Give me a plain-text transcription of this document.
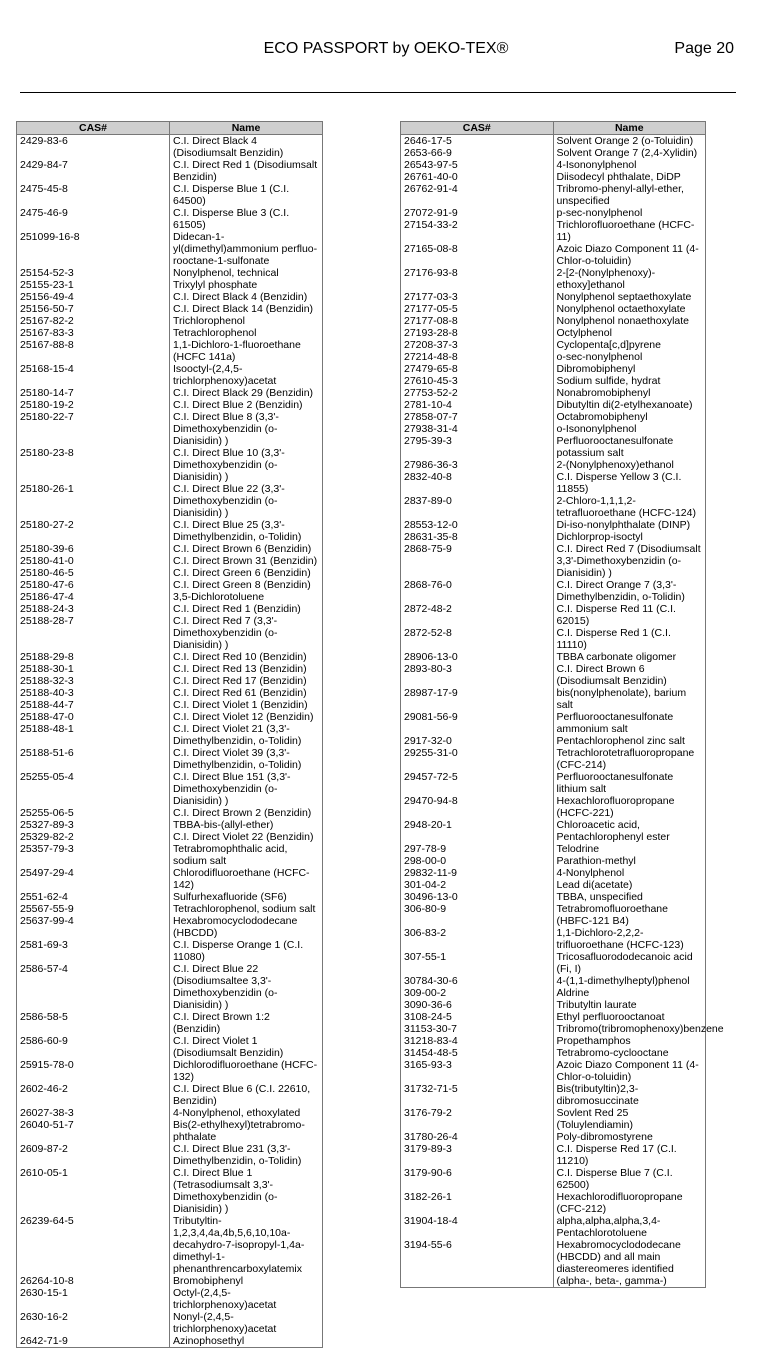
ECO PASSPORT by OEKO-TEX®	Page 20
CAS#	Name
2429-83-6	C.I. Direct Black 4 (Disodiumsalt Benzidin)
2429-84-7	C.I. Direct Red 1 (Disodiumsalt Benzidin)
2475-45-8	C.I. Disperse Blue 1 (C.I. 64500)
2475-46-9	C.I. Disperse Blue 3 (C.I. 61505)
251099-16-8	Didecan-1-yl(dimethyl)ammonium perfluo-rooctane-1-sulfonate
25154-52-3	Nonylphenol, technical
25155-23-1	Trixylyl phosphate
25156-49-4	C.I. Direct Black 4 (Benzidin)
25156-50-7	C.I. Direct Black 14 (Benzidin)
25167-82-2	Trichlorophenol
25167-83-3	Tetrachlorophenol
25167-88-8	1,1-Dichloro-1-fluoroethane (HCFC 141a)
25168-15-4	Isooctyl-(2,4,5-trichlorphenoxy)acetat
25180-14-7	C.I. Direct Black 29 (Benzidin)
25180-19-2	C.I. Direct Blue 2 (Benzidin)
25180-22-7	C.I. Direct Blue 8 (3,3'-Dimethoxybenzidin (o-Dianisidin) )
25180-23-8	C.I. Direct Blue 10 (3,3'-Dimethoxybenzidin (o-Dianisidin) )
25180-26-1	C.I. Direct Blue 22 (3,3'-Dimethoxybenzidin (o-Dianisidin) )
25180-27-2	C.I. Direct Blue 25 (3,3'-Dimethylbenzidin, o-Tolidin)
25180-39-6	C.I. Direct Brown 6 (Benzidin)
25180-41-0	C.I. Direct Brown 31 (Benzidin)
25180-46-5	C.I. Direct Green 6 (Benzidin)
25180-47-6	C.I. Direct Green 8 (Benzidin)
25186-47-4	3,5-Dichlorotoluene
25188-24-3	C.I. Direct Red 1 (Benzidin)
25188-28-7	C.I. Direct Red 7 (3,3'-Dimethoxybenzidin (o-Dianisidin) )
25188-29-8	C.I. Direct Red 10 (Benzidin)
25188-30-1	C.I. Direct Red 13 (Benzidin)
25188-32-3	C.I. Direct Red 17 (Benzidin)
25188-40-3	C.I. Direct Red 61 (Benzidin)
25188-44-7	C.I. Direct Violet 1 (Benzidin)
25188-47-0	C.I. Direct Violet 12 (Benzidin)
25188-48-1	C.I. Direct Violet 21 (3,3'-Dimethylbenzidin, o-Tolidin)
25188-51-6	C.I. Direct Violet 39 (3,3'-Dimethylbenzidin, o-Tolidin)
25255-05-4	C.I. Direct Blue 151 (3,3'-Dimethoxybenzidin (o-Dianisidin) )
25255-06-5	C.I. Direct Brown 2 (Benzidin)
25327-89-3	TBBA-bis-(allyl-ether)
25329-82-2	C.I. Direct Violet 22 (Benzidin)
25357-79-3	Tetrabromophthalic acid, sodium salt
25497-29-4	Chlorodifluoroethane (HCFC-142)
2551-62-4	Sulfurhexafluoride (SF6)
25567-55-9	Tetrachlorophenol, sodium salt
25637-99-4	Hexabromocyclododecane (HBCDD)
2581-69-3	C.I. Disperse Orange 1 (C.I. 11080)
2586-57-4	C.I. Direct Blue 22 (Disodiumsaltee 3,3'-Dimethoxybenzidin (o-Dianisidin) )
2586-58-5	C.I. Direct Brown 1:2 (Benzidin)
2586-60-9	C.I. Direct Violet 1 (Disodiumsalt Benzidin)
25915-78-0	Dichlorodifluoroethane (HCFC-132)
2602-46-2	C.I. Direct Blue 6 (C.I. 22610, Benzidin)
26027-38-3	4-Nonylphenol, ethoxylated
26040-51-7	Bis(2-ethylhexyl)tetrabromo-phthalate
2609-87-2	C.I. Direct Blue 231 (3,3'-Dimethylbenzidin, o-Tolidin)
2610-05-1	C.I. Direct Blue 1 (Tetrasodiumsalt 3,3'-Dimethoxybenzidin (o-Dianisidin) )
26239-64-5	Tributyltin-1,2,3,4,4a,4b,5,6,10,10a-decahydro-7-isopropyl-1,4a-dimethyl-1-phenanthrencarboxylatemix
26264-10-8	Bromobiphenyl
2630-15-1	Octyl-(2,4,5-trichlorphenoxy)acetat
2630-16-2	Nonyl-(2,4,5-trichlorphenoxy)acetat
2642-71-9	Azinophosethyl
CAS#	Name
2646-17-5	Solvent Orange 2 (o-Toluidin)
2653-66-9	Solvent Orange 7 (2,4-Xylidin)
26543-97-5	4-Isononylphenol
26761-40-0	Diisodecyl phthalate, DiDP
26762-91-4	Tribromo-phenyl-allyl-ether, unspecified
27072-91-9	p-sec-nonylphenol
27154-33-2	Trichlorofluoroethane (HCFC-11)
27165-08-8	Azoic Diazo Component 11 (4-Chlor-o-toluidin)
27176-93-8	2-[2-(Nonylphenoxy)-ethoxy]ethanol
27177-03-3	Nonylphenol septaethoxylate
27177-05-5	Nonylphenol octaethoxylate
27177-08-8	Nonylphenol nonaethoxylate
27193-28-8	Octylphenol
27208-37-3	Cyclopenta[c,d]pyrene
27214-48-8	o-sec-nonylphenol
27479-65-8	Dibromobiphenyl
27610-45-3	Sodium sulfide, hydrat
27753-52-2	Nonabromobiphenyl
2781-10-4	Dibutyltin di(2-etylhexanoate)
27858-07-7	Octabromobiphenyl
27938-31-4	o-Isononylphenol
2795-39-3	Perfluorooctanesulfonate potassium salt
27986-36-3	2-(Nonylphenoxy)ethanol
2832-40-8	C.I. Disperse Yellow 3 (C.I. 11855)
2837-89-0	2-Chloro-1,1,1,2-tetrafluoroethane (HCFC-124)
28553-12-0	Di-iso-nonylphthalate (DINP)
28631-35-8	Dichlorprop-isoctyl
2868-75-9	C.I. Direct Red 7 (Disodiumsalt 3,3'-Dimethoxybenzidin (o-Dianisidin) )
2868-76-0	C.I. Direct Orange 7 (3,3'-Dimethylbenzidin, o-Tolidin)
2872-48-2	C.I. Disperse Red 11 (C.I. 62015)
2872-52-8	C.I. Disperse Red 1 (C.I. 11110)
28906-13-0	TBBA carbonate oligomer
2893-80-3	C.I. Direct Brown 6 (Disodiumsalt Benzidin)
28987-17-9	bis(nonylphenolate), barium salt
29081-56-9	Perfluorooctanesulfonate ammonium salt
2917-32-0	Pentachlorophenol zinc salt
29255-31-0	Tetrachlorotetrafluoropropane (CFC-214)
29457-72-5	Perfluorooctanesulfonate lithium salt
29470-94-8	Hexachlorofluoropropane (HCFC-221)
2948-20-1	Chloroacetic acid, Pentachlorophenyl ester
297-78-9	Telodrine
298-00-0	Parathion-methyl
29832-11-9	4-Nonylphenol
301-04-2	Lead di(acetate)
30496-13-0	TBBA, unspecified
306-80-9	Tetrabromofluoroethane (HBFC-121 B4)
306-83-2	1,1-Dichloro-2,2,2-trifluoroethane (HCFC-123)
307-55-1	Tricosafluorododecanoic acid (Fi, I)
30784-30-6	4-(1,1-dimethylheptyl)phenol
309-00-2	Aldrine
3090-36-6	Tributyltin laurate
3108-24-5	Ethyl perfluorooctanoat
31153-30-7	Tribromo(tribromophenoxy)benzene
31218-83-4	Propethamphos
31454-48-5	Tetrabromo-cyclooctane
3165-93-3	Azoic Diazo Component 11 (4-Chlor-o-toluidin)
31732-71-5	Bis(tributyltin)2,3-dibromosuccinate
3176-79-2	Sovlent Red 25 (Toluylendiamin)
31780-26-4	Poly-dibromostyrene
3179-89-3	C.I. Disperse Red 17 (C.I. 11210)
3179-90-6	C.I. Disperse Blue 7 (C.I. 62500)
3182-26-1	Hexachlorodifluoropropane (CFC-212)
31904-18-4	alpha,alpha,alpha,3,4-Pentachlorotoluene
3194-55-6	Hexabromocyclododecane (HBCDD) and all main diastereomeres identified (alpha-, beta-, gamma-)
